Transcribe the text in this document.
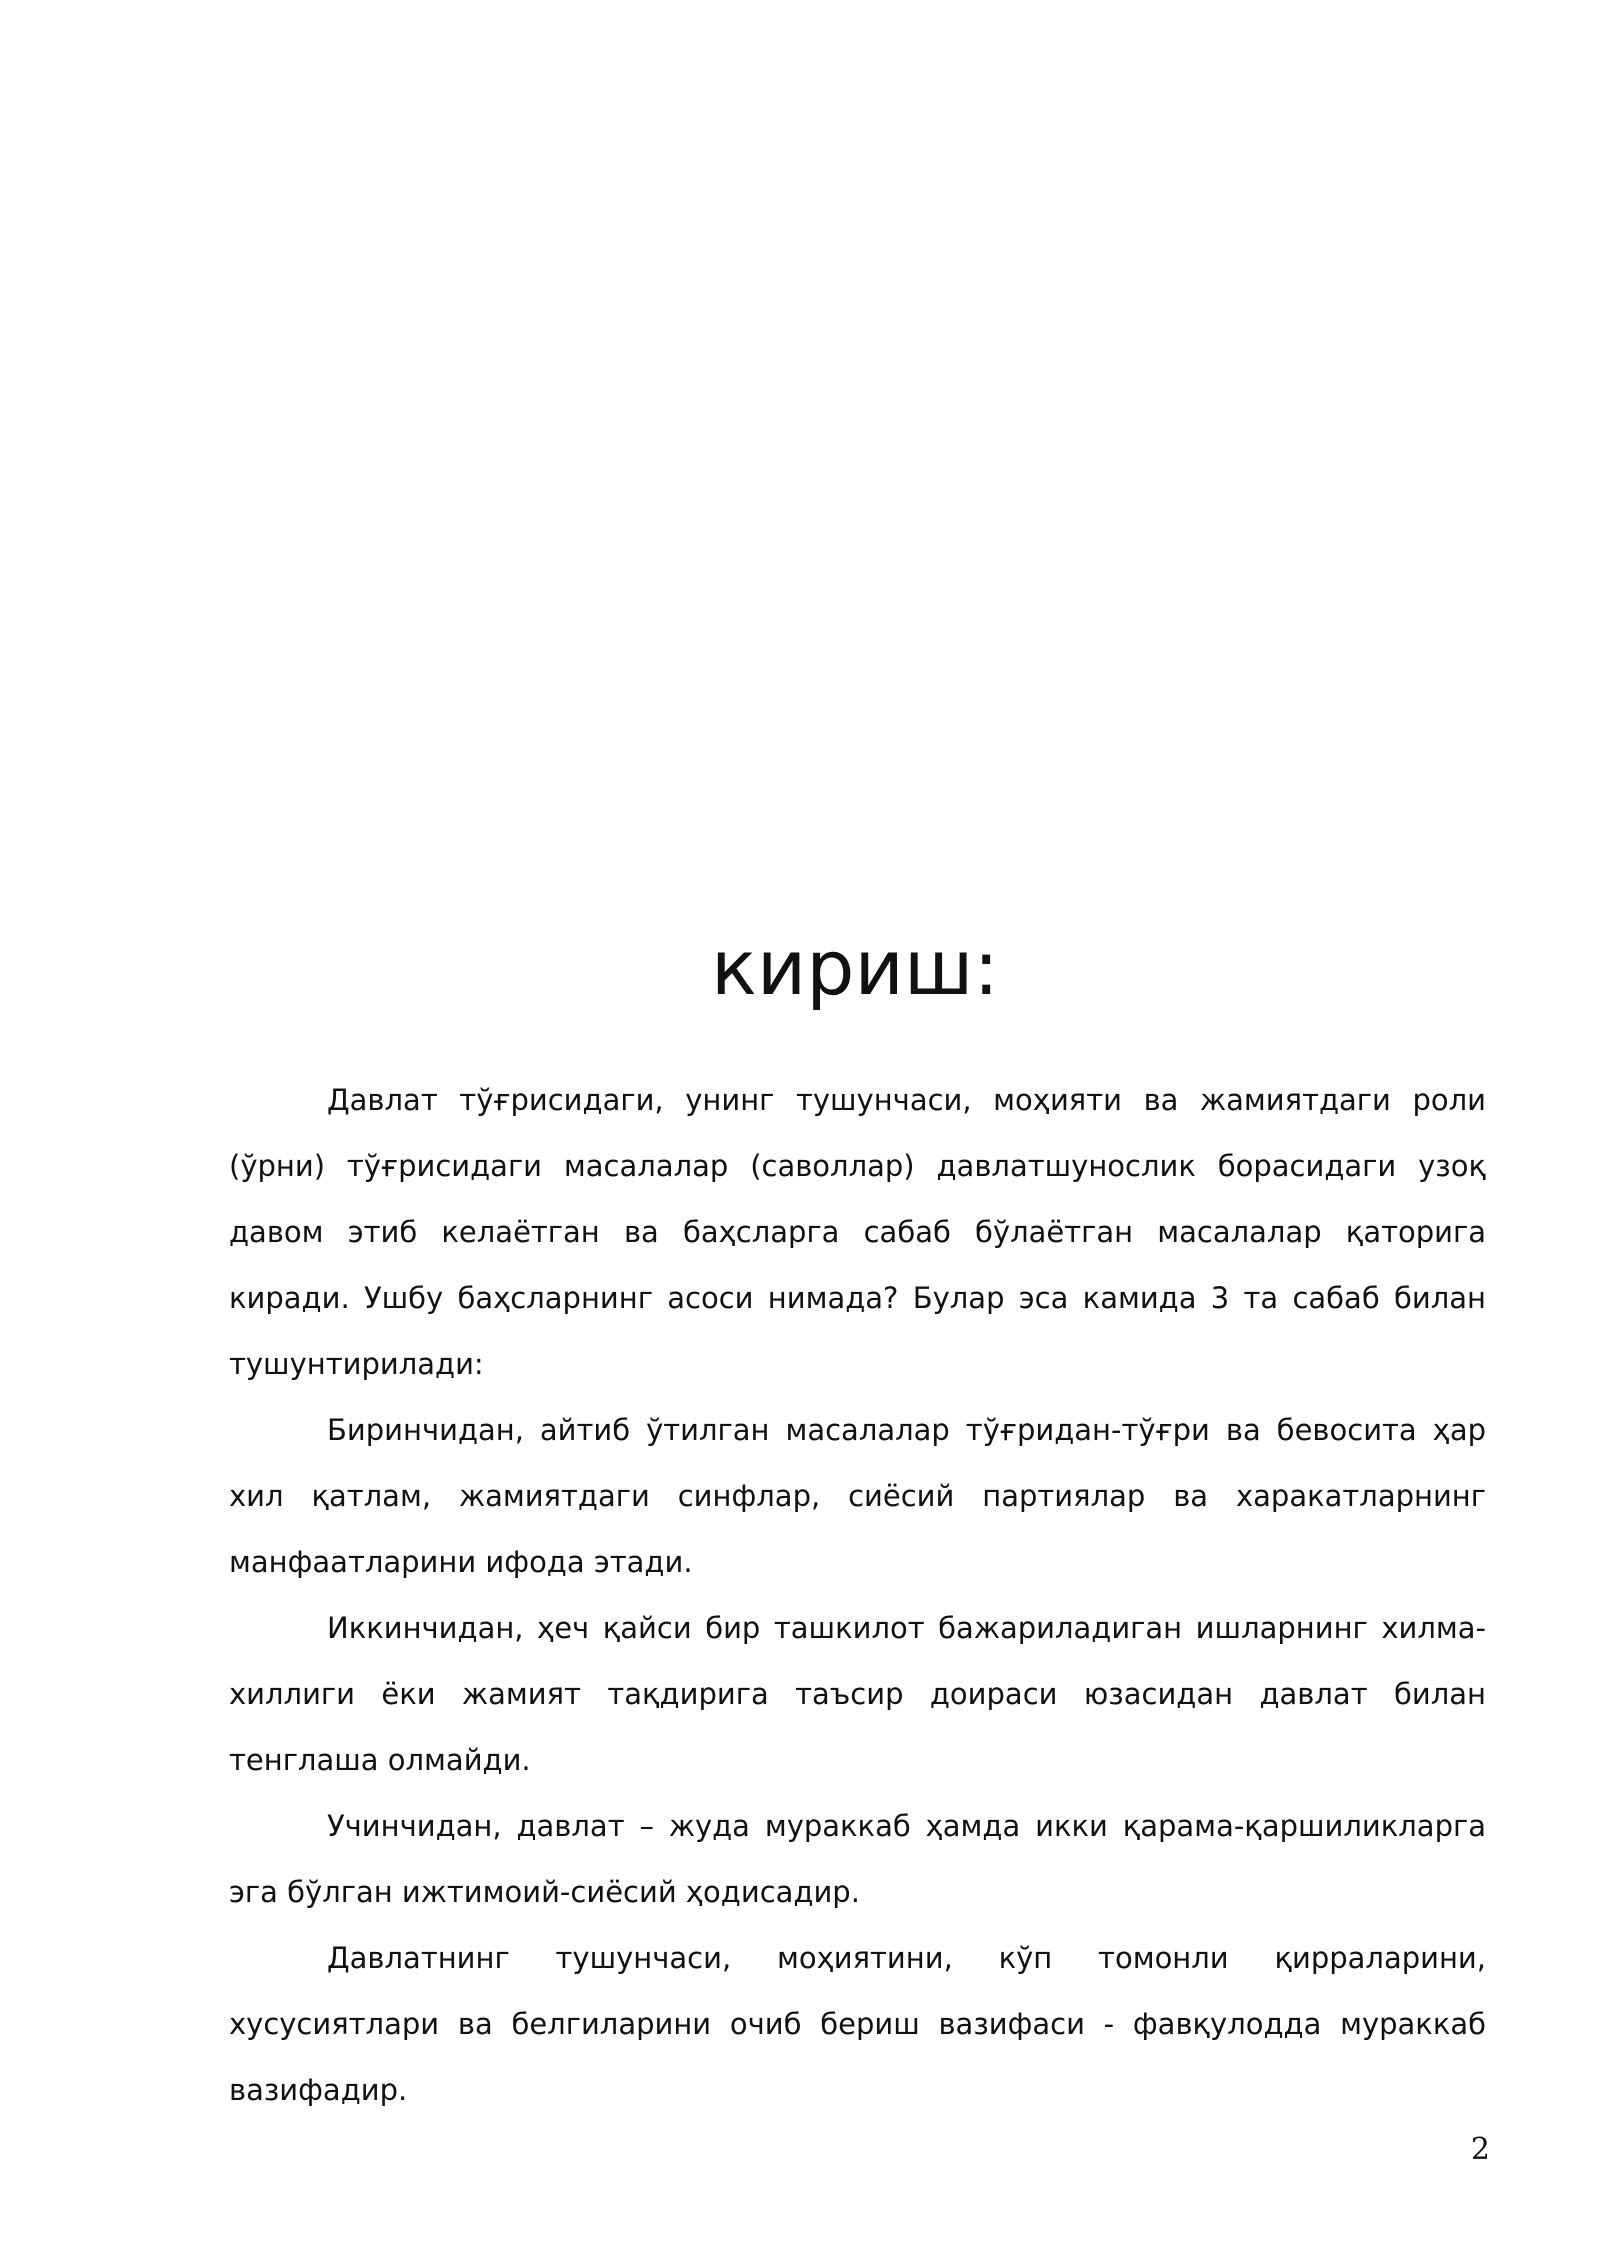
кириш:

Давлат тўғрисидаги, унинг тушунчаси, моҳияти ва жамиятдаги роли (ўрни) тўғрисидаги масалалар (саволлар) давлатшунослик борасидаги узоқ давом этиб келаётган ва баҳсларга сабаб бўлаётган масалалар қаторига киради. Ушбу баҳсларнинг асоси нимада? Булар эса камида 3 та сабаб билан тушунтирилади:

Биринчидан, айтиб ўтилган масалалар тўғридан-тўғри ва бевосита ҳар хил қатлам, жамиятдаги синфлар, сиёсий партиялар ва харакатларнинг манфаатларини ифода этади.

Иккинчидан, ҳеч қайси бир ташкилот бажариладиган ишларнинг хилма-хиллиги ёки жамият тақдирига таъсир доираси юзасидан давлат билан тенглаша олмайди.

Учинчидан, давлат – жуда мураккаб ҳамда икки қарама-қаршиликларга эга бўлган ижтимоий-сиёсий ҳодисадир.

Давлатнинг тушунчаси, моҳиятини, кўп томонли қирраларини, хусусиятлари ва белгиларини очиб бериш вазифаси - фавқулодда мураккаб вазифадир.

2
